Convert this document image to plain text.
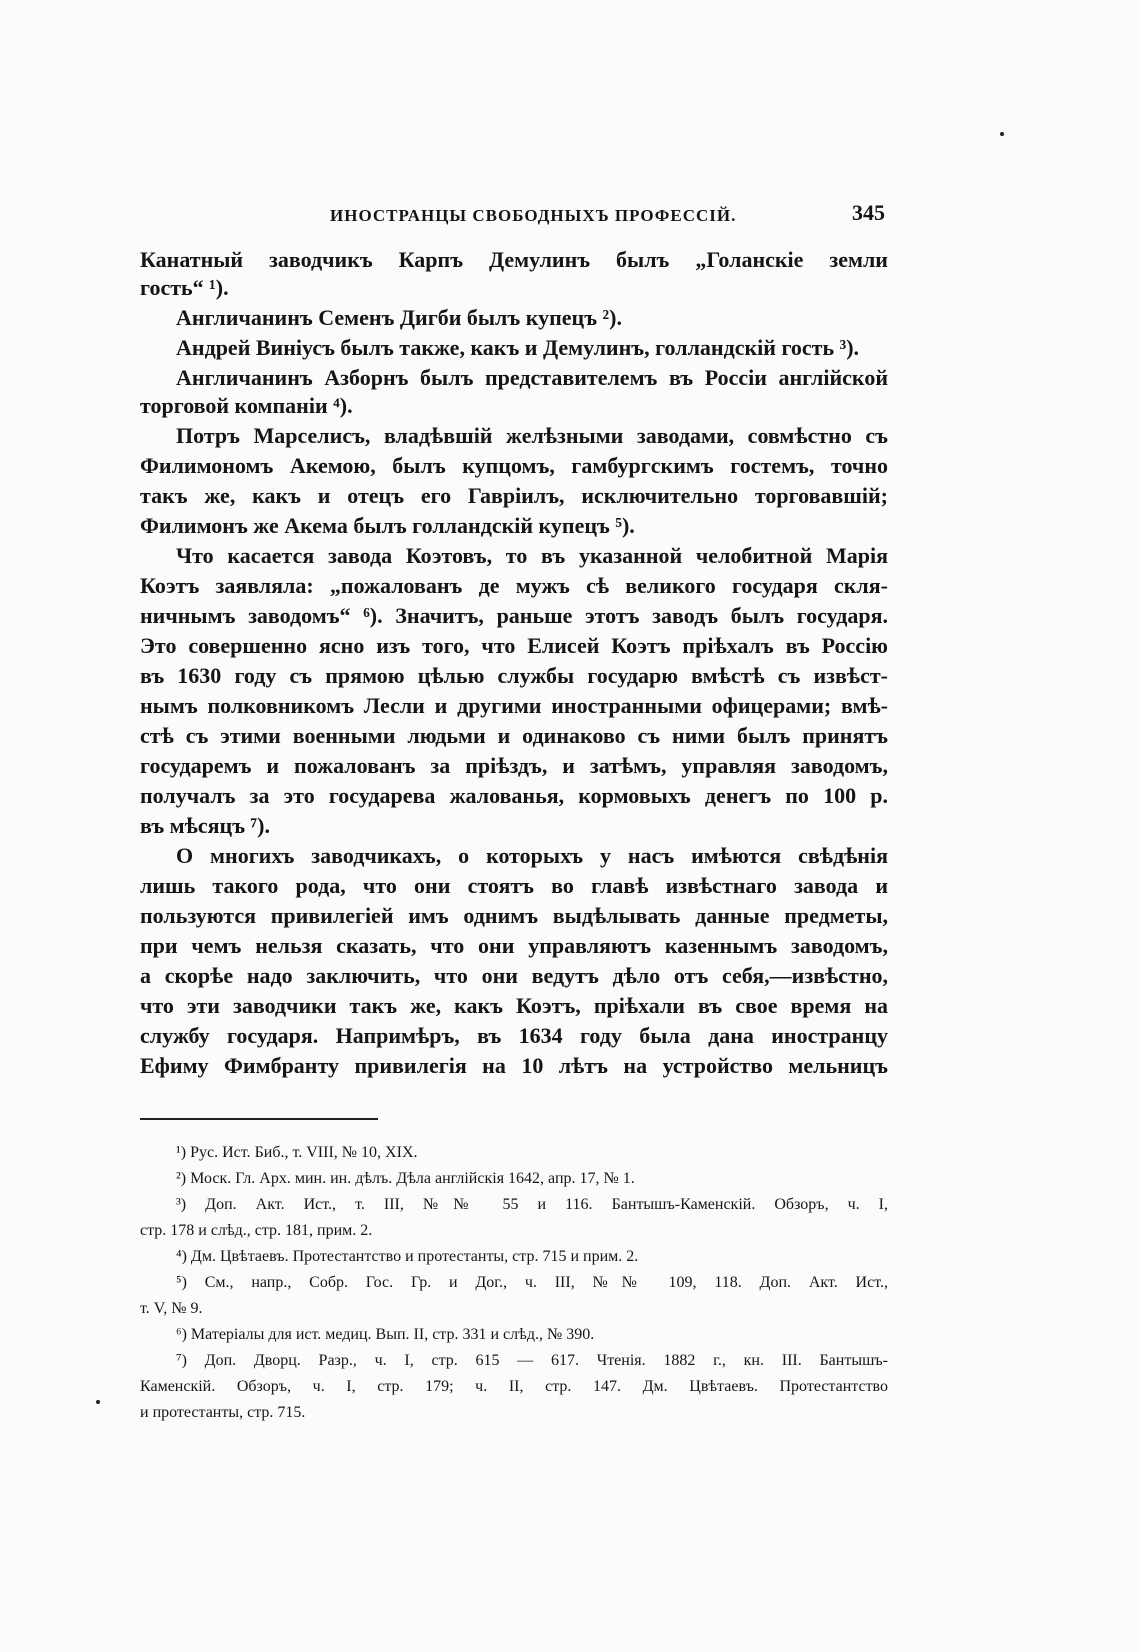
ИНОСТРАНЦЫ СВОБОДНЫХЪ ПРОФЕССІЙ.	345
Канатный заводчикъ Карпъ Демулинъ былъ „Голанскіе земли
гость“ ¹).
Англичанинъ Семенъ Дигби былъ купецъ ²).
Андрей Виніусъ былъ также, какъ и Демулинъ, голландскій гость ³).
Англичанинъ Азборнъ былъ представителемъ въ Россіи англійской
торговой компаніи ⁴).
Потръ Марселисъ, владѣвшій желѣзными заводами, совмѣстно съ
Филимономъ Акемою, былъ купцомъ, гамбургскимъ гостемъ, точно
такъ же, какъ и отецъ его Гавріилъ, исключительно торговавшій;
Филимонъ же Акема былъ голландскій купецъ ⁵).
Что касается завода Коэтовъ, то въ указанной челобитной Марія
Коэтъ заявляла: „пожалованъ де мужъ сѣ великого государя скля-
ничнымъ заводомъ“ ⁶). Значитъ, раньше этотъ заводъ былъ государя.
Это совершенно ясно изъ того, что Елисей Коэтъ пріѣхалъ въ Россію
въ 1630 году съ прямою цѣлью службы государю вмѣстѣ съ извѣст-
нымъ полковникомъ Лесли и другими иностранными офицерами; вмѣ-
стѣ съ этими военными людьми и одинаково съ ними былъ принятъ
государемъ и пожалованъ за пріѣздъ, и затѣмъ, управляя заводомъ,
получалъ за это государева жалованья, кормовыхъ денегъ по 100 р.
въ мѣсяцъ ⁷).
О многихъ заводчикахъ, о которыхъ у насъ имѣются свѣдѣнія
лишь такого рода, что они стоятъ во главѣ извѣстнаго завода и
пользуются привилегіей имъ однимъ выдѣлывать данные предметы,
при чемъ нельзя сказать, что они управляютъ казеннымъ заводомъ,
а скорѣе надо заключить, что они ведутъ дѣло отъ себя,—извѣстно,
что эти заводчики такъ же, какъ Коэтъ, пріѣхали въ свое время на
службу государя. Напримѣръ, въ 1634 году была дана иностранцу
Ефиму Фимбранту привилегія на 10 лѣтъ на устройство мельницъ
¹) Рус. Ист. Биб., т. VIII, № 10, XIX.
²) Моск. Гл. Арх. мин. ин. дѣлъ. Дѣла англійскія 1642, апр. 17, № 1.
³) Доп. Акт. Ист., т. III, №№ 55 и 116. Бантышъ-Каменскій. Обзоръ, ч. I,
стр. 178 и слѣд., стр. 181, прим. 2.
⁴) Дм. Цвѣтаевъ. Протестантство и протестанты, стр. 715 и прим. 2.
⁵) См., напр., Собр. Гос. Гр. и Дог., ч. III, №№ 109, 118. Доп. Акт. Ист.,
т. V, № 9.
⁶) Матеріалы для ист. медиц. Вып. II, стр. 331 и слѣд., № 390.
⁷) Доп. Дворц. Разр., ч. I, стр. 615 — 617. Чтенія. 1882 г., кн. III. Бантышъ-
Каменскій. Обзоръ, ч. I, стр. 179; ч. II, стр. 147. Дм. Цвѣтаевъ. Протестантство
и протестанты, стр. 715.
